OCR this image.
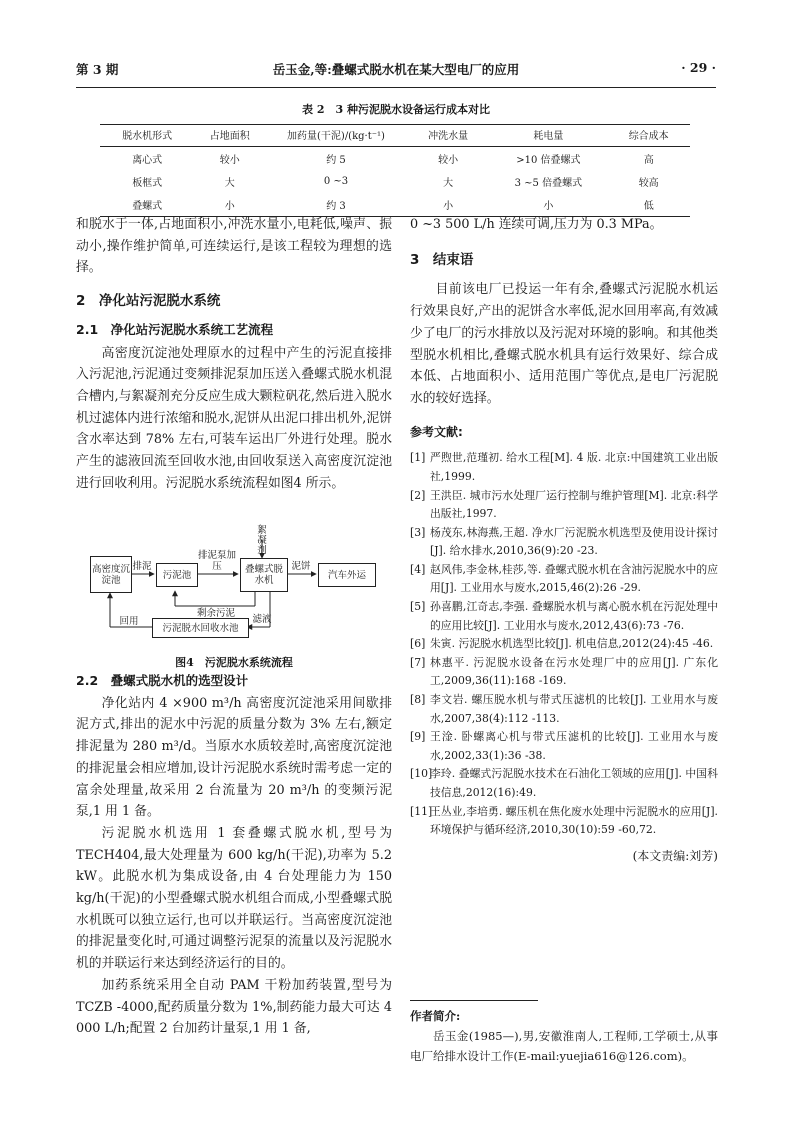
第 3 期	岳玉金,等:叠螺式脱水机在某大型电厂的应用	· 29 ·
表 2　3 种污泥脱水设备运行成本对比
脱水机形式	占地面积	加药量(干泥)/(kg·t⁻¹)	冲洗水量	耗电量	综合成本
离心式	较小	约 5	较小	>10 倍叠螺式	高
板框式	大	0 ~3	大	3 ~5 倍叠螺式	较高
叠螺式	小	约 3	小	小	低

和脱水于一体,占地面积小,冲洗水量小,电耗低,噪声、振动小,操作维护简单,可连续运行,是该工程较为理想的选择。

2　净化站污泥脱水系统

2.1　净化站污泥脱水系统工艺流程

高密度沉淀池处理原水的过程中产生的污泥直接排入污泥池,污泥通过变频排泥泵加压送入叠螺式脱水机混合槽内,与絮凝剂充分反应生成大颗粒矾花,然后进入脱水机过滤体内进行浓缩和脱水,泥饼从出泥口排出机外,泥饼含水率达到 78% 左右,可装车运出厂外进行处理。脱水产生的滤液回流至回收水池,由回收泵送入高密度沉淀池进行回收利用。污泥脱水系统流程如图4 所示。

高密度沉淀池	污泥池	叠螺式脱水机	汽车外运
污泥脱水回收水池
絮凝剂
排泥
排泥泵加压	泥饼
剩余污泥
回用	滤液
图4　污泥脱水系统流程

2.2　叠螺式脱水机的选型设计

净化站内 4 ×900 m³/h 高密度沉淀池采用间歇排泥方式,排出的泥水中污泥的质量分数为 3% 左右,额定排泥量为 280 m³/d。当原水水质较差时,高密度沉淀池的排泥量会相应增加,设计污泥脱水系统时需考虑一定的富余处理量,故采用 2 台流量为 20 m³/h 的变频污泥泵,1 用 1 备。

污泥脱水机选用 1 套叠螺式脱水机,型号为 TECH404,最大处理量为 600 kg/h(干泥),功率为 5.2 kW。此脱水机为集成设备,由 4 台处理能力为 150 kg/h(干泥)的小型叠螺式脱水机组合而成,小型叠螺式脱水机既可以独立运行,也可以并联运行。当高密度沉淀池的排泥量变化时,可通过调整污泥泵的流量以及污泥脱水机的并联运行来达到经济运行的目的。

加药系统采用全自动 PAM 干粉加药装置,型号为 TCZB -4000,配药质量分数为 1%,制药能力最大可达 4 000 L/h;配置 2 台加药计量泵,1 用 1 备,

0 ~3 500 L/h 连续可调,压力为 0.3 MPa。

3　结束语

目前该电厂已投运一年有余,叠螺式污泥脱水机运行效果良好,产出的泥饼含水率低,泥水回用率高,有效减少了电厂的污水排放以及污泥对环境的影响。和其他类型脱水机相比,叠螺式脱水机具有运行效果好、综合成本低、占地面积小、适用范围广等优点,是电厂污泥脱水的较好选择。

参考文献:

[1] 严煦世,范瑾初. 给水工程[M]. 4 版. 北京:中国建筑工业出版社,1999.

[2] 王洪臣. 城市污水处理厂运行控制与维护管理[M]. 北京:科学出版社,1997.

[3] 杨茂东,林海燕,王超. 净水厂污泥脱水机选型及使用设计探讨[J]. 给水排水,2010,36(9):20 -23.

[4] 赵风伟,李金林,桂莎,等. 叠螺式脱水机在含油污泥脱水中的应用[J]. 工业用水与废水,2015,46(2):26 -29.

[5] 孙喜鹏,江奇志,李强. 叠螺脱水机与离心脱水机在污泥处理中的应用比较[J]. 工业用水与废水,2012,43(6):73 -76.

[6] 朱寅. 污泥脱水机选型比较[J]. 机电信息,2012(24):45 -46.

[7] 林惠平. 污泥脱水设备在污水处理厂中的应用[J]. 广东化工,2009,36(11):168 -169.

[8] 李文岩. 螺压脱水机与带式压滤机的比较[J]. 工业用水与废水,2007,38(4):112 -113.

[9] 王淦. 卧螺离心机与带式压滤机的比较[J]. 工业用水与废水,2002,33(1):36 -38.

[10]
李玲. 叠螺式污泥脱水技术在石油化工领域的应用[J]. 中国科技信息,2012(16):49.

[11]
王丛业,李培勇. 螺压机在焦化废水处理中污泥脱水的应用[J]. 环境保护与循环经济,2010,30(10):59 -60,72.

(本文责编:刘芳)

作者简介:

岳玉金(1985—),男,安徽淮南人,工程师,工学硕士,从事电厂给排水设计工作(E-mail:yuejia616@126.com)。
